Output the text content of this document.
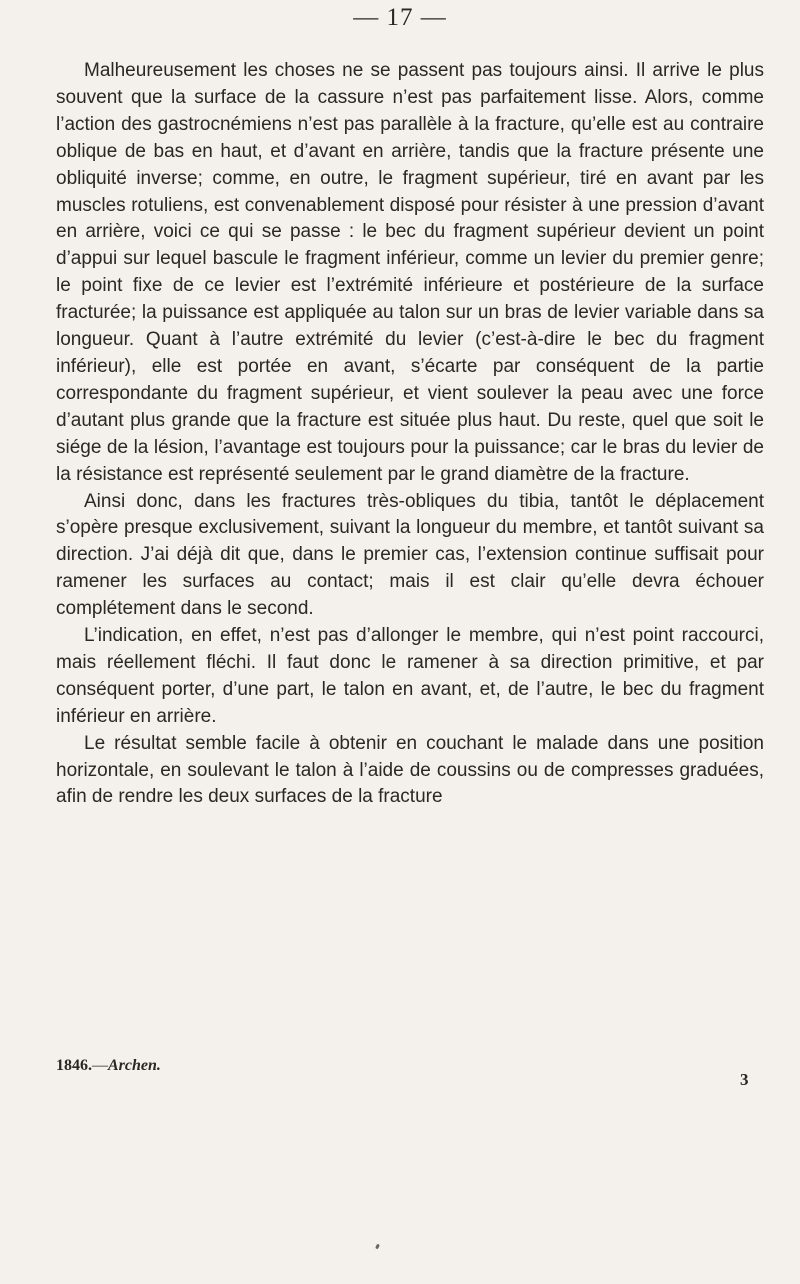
— 17 —

Malheureusement les choses ne se passent pas toujours ainsi. Il arrive le plus souvent que la surface de la cassure n’est pas parfaitement lisse. Alors, comme l’action des gastrocnémiens n’est pas parallèle à la fracture, qu’elle est au contraire oblique de bas en haut, et d’avant en arrière, tandis que la fracture présente une obliquité inverse; comme, en outre, le fragment supérieur, tiré en avant par les muscles rotuliens, est convenablement disposé pour résister à une pression d’avant en arrière, voici ce qui se passe : le bec du fragment supérieur devient un point d’appui sur lequel bascule le fragment inférieur, comme un levier du premier genre; le point fixe de ce levier est l’extrémité inférieure et postérieure de la surface fracturée; la puissance est appliquée au talon sur un bras de levier variable dans sa longueur. Quant à l’autre extrémité du levier (c’est-à-dire le bec du fragment inférieur), elle est portée en avant, s’écarte par conséquent de la partie correspondante du fragment supérieur, et vient soulever la peau avec une force d’autant plus grande que la fracture est située plus haut. Du reste, quel que soit le siége de la lésion, l’avantage est toujours pour la puissance; car le bras du levier de la résistance est représenté seulement par le grand diamètre de la fracture.

Ainsi donc, dans les fractures très-obliques du tibia, tantôt le déplacement s’opère presque exclusivement, suivant la longueur du membre, et tantôt suivant sa direction. J’ai déjà dit que, dans le premier cas, l’extension continue suffisait pour ramener les surfaces au contact; mais il est clair qu’elle devra échouer complétement dans le second.

L’indication, en effet, n’est pas d’allonger le membre, qui n’est point raccourci, mais réellement fléchi. Il faut donc le ramener à sa direction primitive, et par conséquent porter, d’une part, le talon en avant, et, de l’autre, le bec du fragment inférieur en arrière.

Le résultat semble facile à obtenir en couchant le malade dans une position horizontale, en soulevant le talon à l’aide de coussins ou de compresses graduées, afin de rendre les deux surfaces de la fracture

1846.—Archen.
3
